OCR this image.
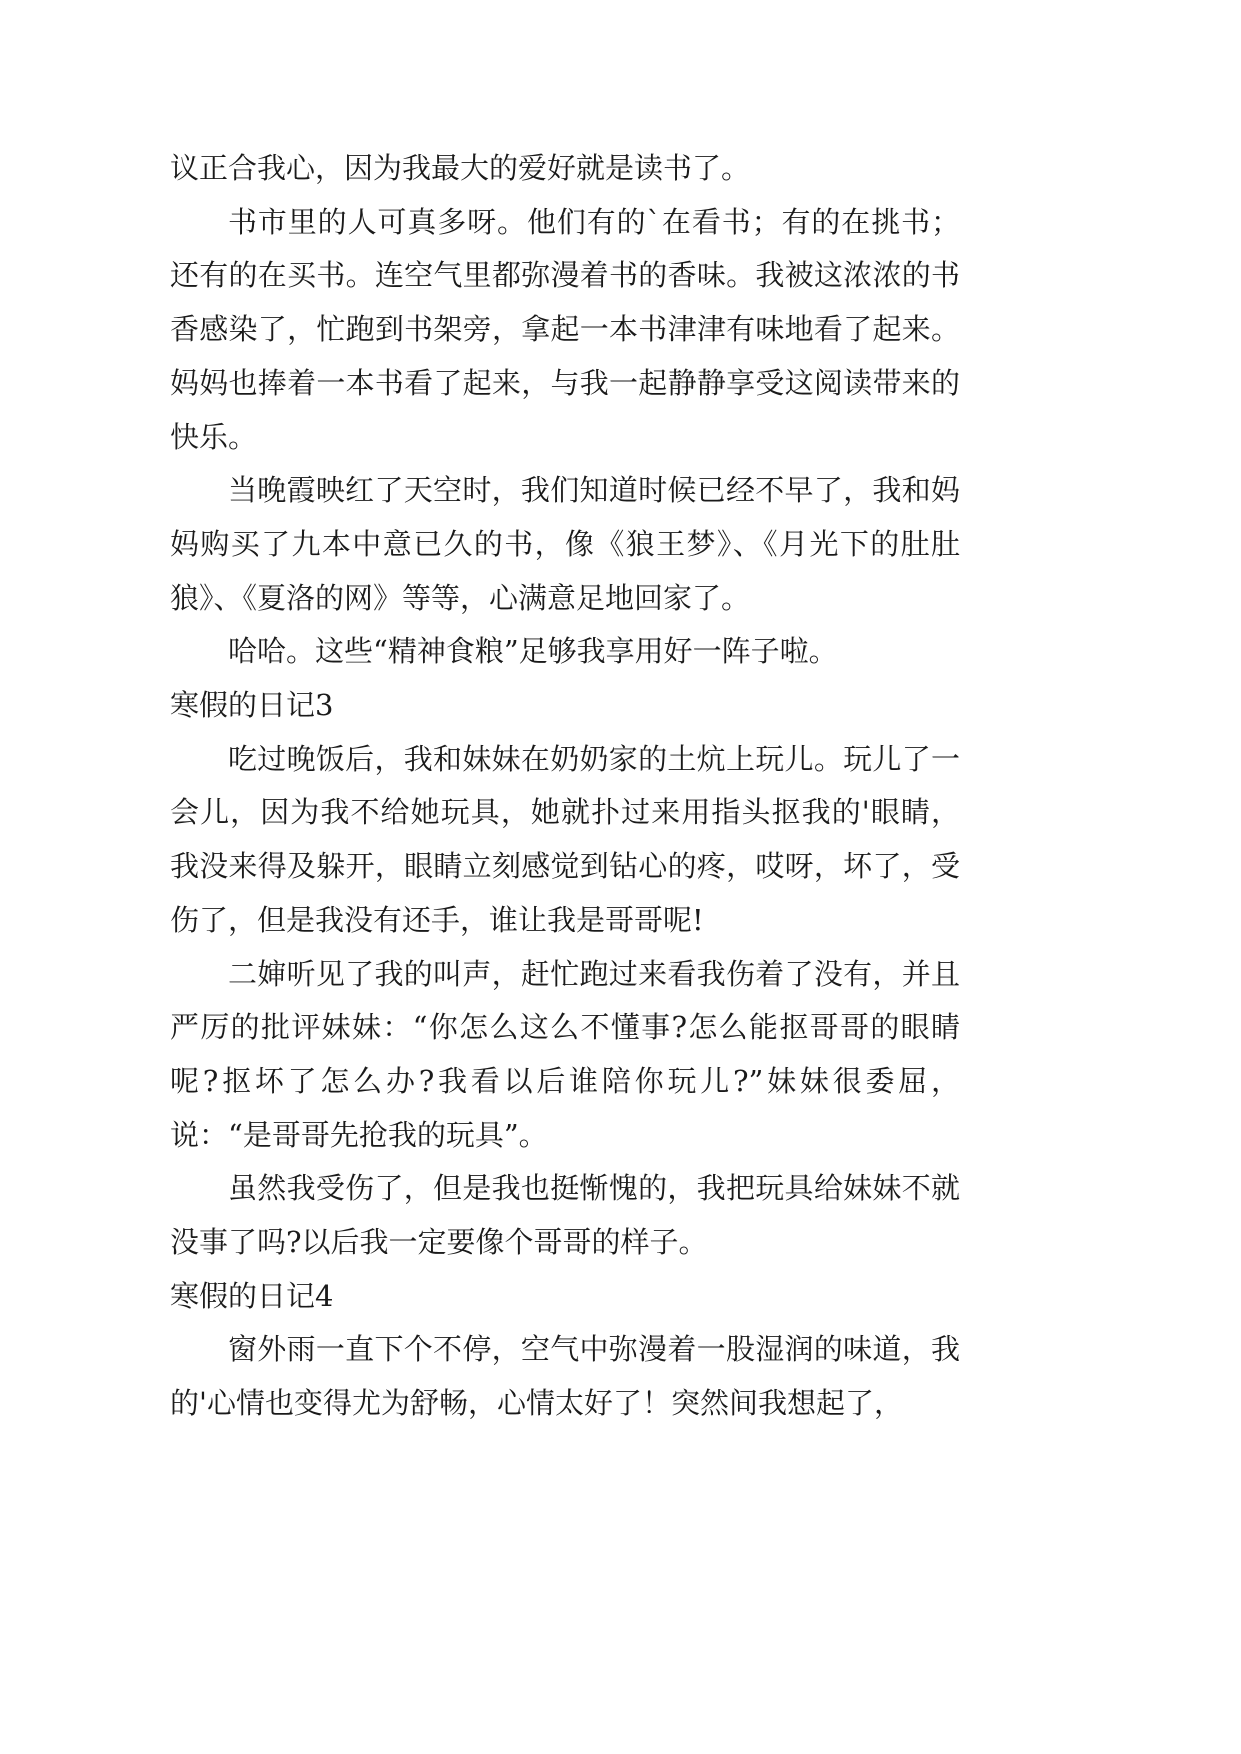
议正合我心，因为我最大的爱好就是读书了。

书市里的人可真多呀。他们有的`在看书；有的在挑书；还有的在买书。连空气里都弥漫着书的香味。我被这浓浓的书香感染了，忙跑到书架旁，拿起一本书津津有味地看了起来。妈妈也捧着一本书看了起来，与我一起静静享受这阅读带来的快乐。

当晚霞映红了天空时，我们知道时候已经不早了，我和妈妈购买了九本中意已久的书，像《狼王梦》、《月光下的肚肚狼》、《夏洛的网》等等，心满意足地回家了。

哈哈。这些“精神食粮”足够我享用好一阵子啦。

寒假的日记3

吃过晚饭后，我和妹妹在奶奶家的土炕上玩儿。玩儿了一会儿，因为我不给她玩具，她就扑过来用指头抠我的'眼睛，我没来得及躲开，眼睛立刻感觉到钻心的疼，哎呀，坏了，受伤了，但是我没有还手，谁让我是哥哥呢!

二婶听见了我的叫声，赶忙跑过来看我伤着了没有，并且严厉的批评妹妹：“你怎么这么不懂事?怎么能抠哥哥的眼睛呢?抠坏了怎么办?我看以后谁陪你玩儿?”妹妹很委屈，说：“是哥哥先抢我的玩具”。

虽然我受伤了，但是我也挺惭愧的，我把玩具给妹妹不就没事了吗?以后我一定要像个哥哥的样子。

寒假的日记4

窗外雨一直下个不停，空气中弥漫着一股湿润的味道，我的'心情也变得尤为舒畅，心情太好了！突然间我想起了，
